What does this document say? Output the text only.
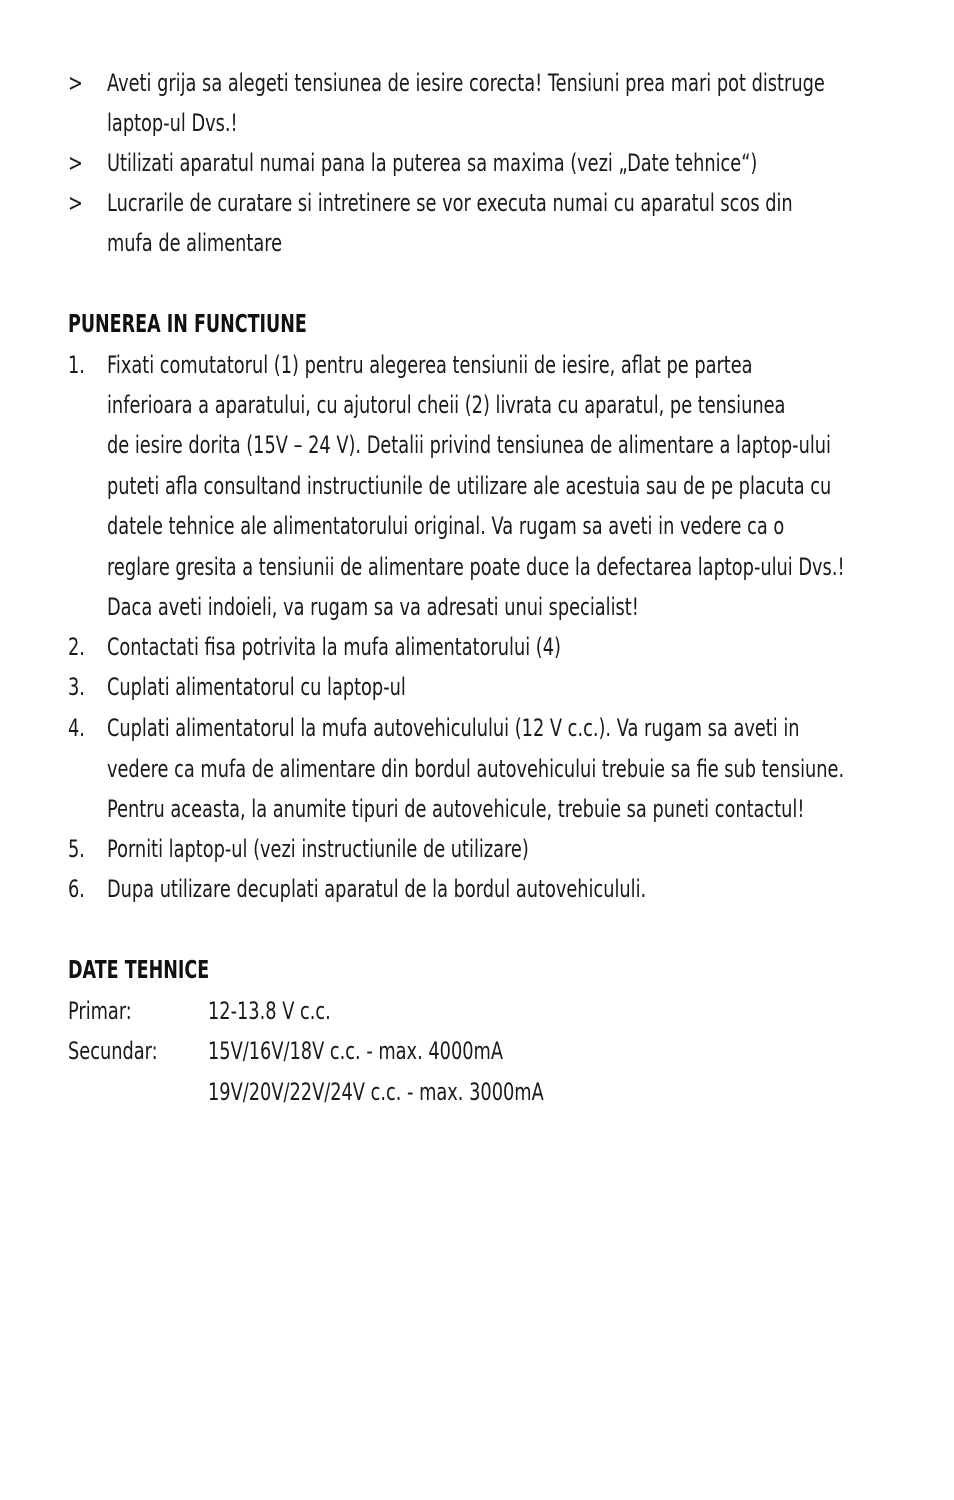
> Aveti grija sa alegeti tensiunea de iesire corecta! Tensiuni prea mari pot distruge
laptop-ul Dvs.!
> Utilizati aparatul numai pana la puterea sa maxima (vezi „Date tehnice“)
> Lucrarile de curatare si intretinere se vor executa numai cu aparatul scos din
mufa de alimentare
PUNEREA IN FUNCTIUNE
1. Fixati comutatorul (1) pentru alegerea tensiunii de iesire, aflat pe partea
inferioara a aparatului, cu ajutorul cheii (2) livrata cu aparatul, pe tensiunea
de iesire dorita (15V – 24 V). Detalii privind tensiunea de alimentare a laptop-ului
puteti afla consultand instructiunile de utilizare ale acestuia sau de pe placuta cu
datele tehnice ale alimentatorului original. Va rugam sa aveti in vedere ca o
reglare gresita a tensiunii de alimentare poate duce la defectarea laptop-ului Dvs.!
Daca aveti indoieli, va rugam sa va adresati unui specialist!
2. Contactati fisa potrivita la mufa alimentatorului (4)
3. Cuplati alimentatorul cu laptop-ul
4. Cuplati alimentatorul la mufa autovehiculului (12 V c.c.). Va rugam sa aveti in
vedere ca mufa de alimentare din bordul autovehicului trebuie sa fie sub tensiune.
Pentru aceasta, la anumite tipuri de autovehicule, trebuie sa puneti contactul!
5. Porniti laptop-ul (vezi instructiunile de utilizare)
6. Dupa utilizare decuplati aparatul de la bordul autovehicululi.
DATE TEHNICE
Primar:	12-13.8 V c.c.
Secundar: 15V/16V/18V c.c. - max. 4000mA
19V/20V/22V/24V c.c. - max. 3000mA
